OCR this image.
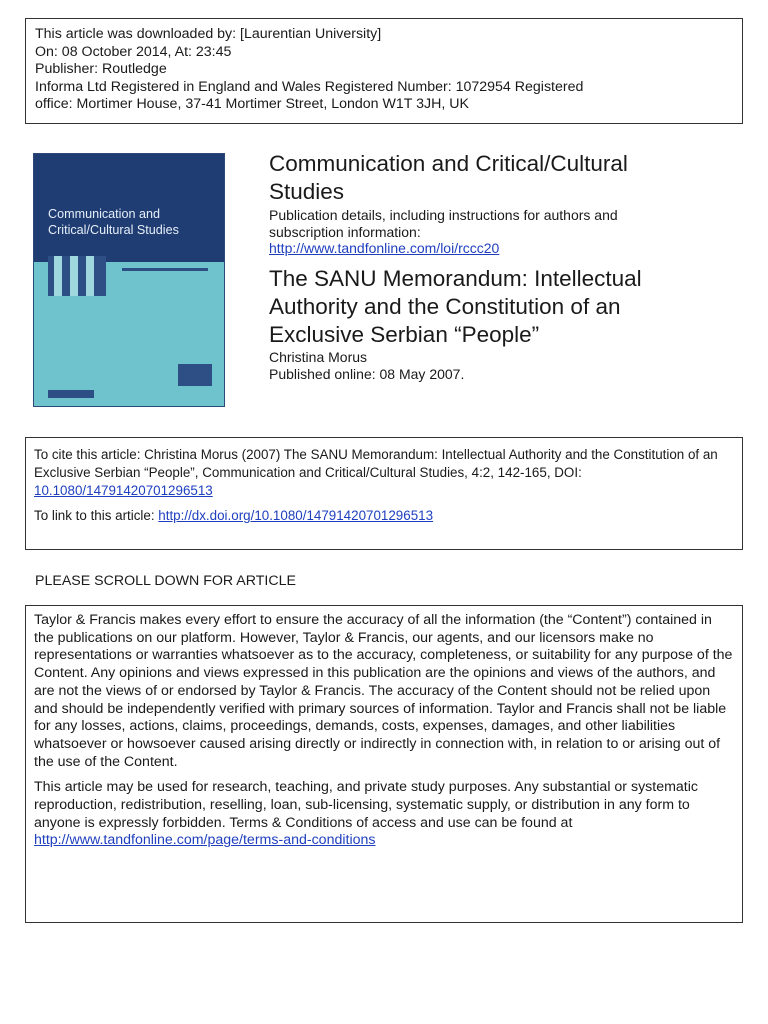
This article was downloaded by: [Laurentian University]
On: 08 October 2014, At: 23:45
Publisher: Routledge
Informa Ltd Registered in England and Wales Registered Number: 1072954 Registered
office: Mortimer House, 37-41 Mortimer Street, London W1T 3JH, UK
Communication and
Critical/Cultural Studies
Communication and Critical/Cultural
Studies
Publication details, including instructions for authors and
subscription information:
http://www.tandfonline.com/loi/rccc20
The SANU Memorandum: Intellectual
Authority and the Constitution of an
Exclusive Serbian “People”
Christina Morus
Published online: 08 May 2007.
To cite this article: Christina Morus (2007) The SANU Memorandum: Intellectual Authority and the Constitution of an Exclusive Serbian “People”, Communication and Critical/Cultural Studies, 4:2, 142-165, DOI: 10.1080/14791420701296513
To link to this article: http://dx.doi.org/10.1080/14791420701296513
PLEASE SCROLL DOWN FOR ARTICLE

Taylor & Francis makes every effort to ensure the accuracy of all the information (the “Content”) contained in the publications on our platform. However, Taylor & Francis, our agents, and our licensors make no representations or warranties whatsoever as to the accuracy, completeness, or suitability for any purpose of the Content. Any opinions and views expressed in this publication are the opinions and views of the authors, and are not the views of or endorsed by Taylor & Francis. The accuracy of the Content should not be relied upon and should be independently verified with primary sources of information. Taylor and Francis shall not be liable for any losses, actions, claims, proceedings, demands, costs, expenses, damages, and other liabilities whatsoever or howsoever caused arising directly or indirectly in connection with, in relation to or arising out of the use of the Content.

This article may be used for research, teaching, and private study purposes. Any substantial or systematic reproduction, redistribution, reselling, loan, sub-licensing, systematic supply, or distribution in any form to anyone is expressly forbidden. Terms & Conditions of access and use can be found at http://www.tandfonline.com/page/terms-and-conditions
